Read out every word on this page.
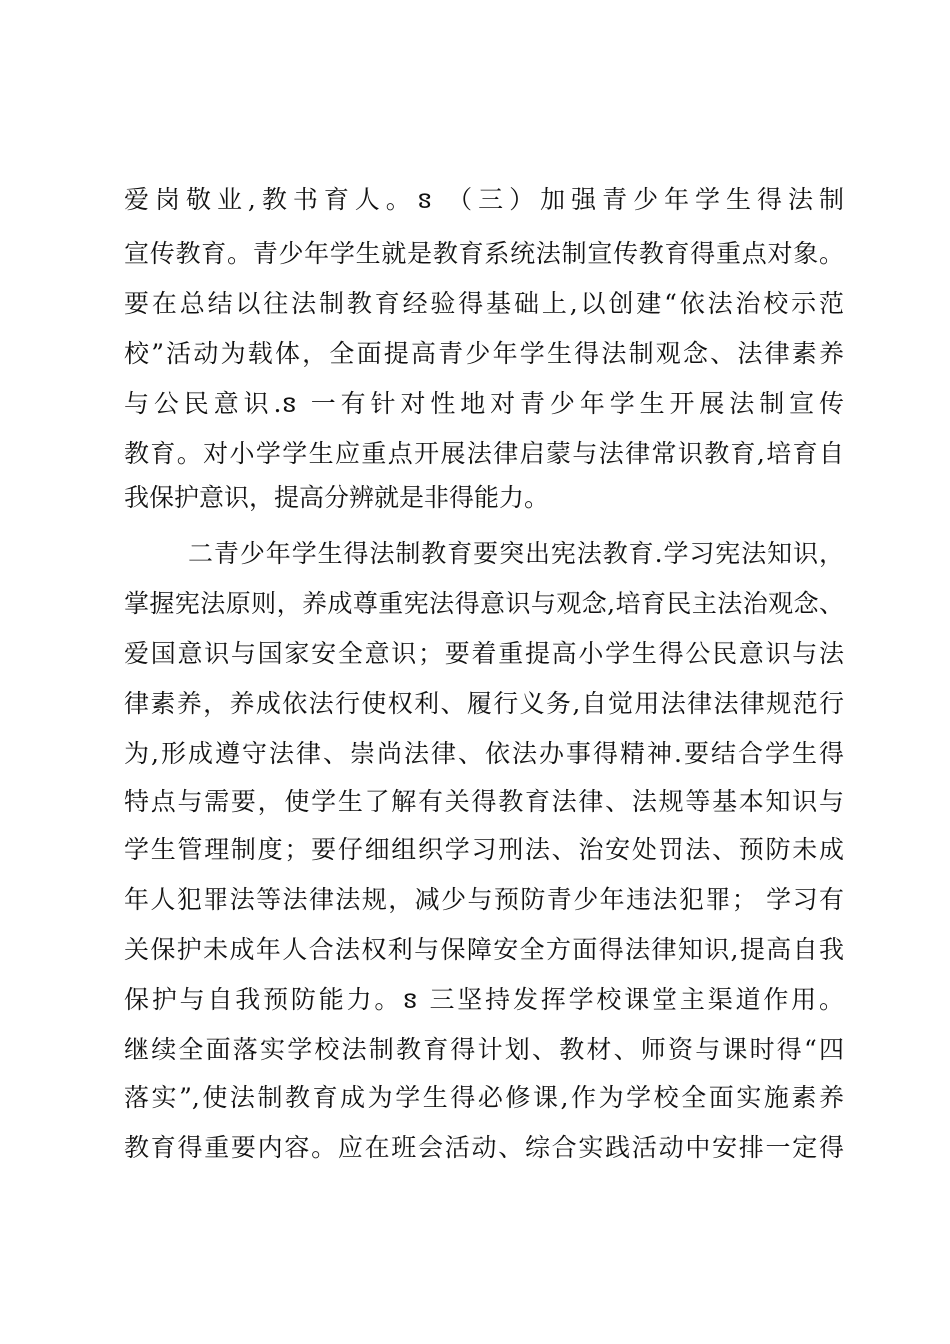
爱岗敬业,教书育人。ៜ （三）加强青少年学生得法制
宣传教育。青少年学生就是教育系统法制宣传教育得重点对象。
要在总结以往法制教育经验得基础上,以创建“依法治校示范
校”活动为载体，全面提高青少年学生得法制观念、法律素养
与公民意识.ៜ 一有针对性地对青少年学生开展法制宣传
教育。对小学学生应重点开展法律启蒙与法律常识教育,培育自
我保护意识，提高分辨就是非得能力。
二青少年学生得法制教育要突出宪法教育.学习宪法知识，
掌握宪法原则，养成尊重宪法得意识与观念,培育民主法治观念、
爱国意识与国家安全意识；要着重提高小学生得公民意识与法
律素养，养成依法行使权利、履行义务,自觉用法律法律规范行
为,形成遵守法律、崇尚法律、依法办事得精神.要结合学生得
特点与需要，使学生了解有关得教育法律、法规等基本知识与
学生管理制度；要仔细组织学习刑法、治安处罚法、预防未成
年人犯罪法等法律法规，减少与预防青少年违法犯罪； 学习有
关保护未成年人合法权利与保障安全方面得法律知识,提高自我
保护与自我预防能力。ៜ 三坚持发挥学校课堂主渠道作用。
继续全面落实学校法制教育得计划、教材、师资与课时得“四
落实”,使法制教育成为学生得必修课,作为学校全面实施素养
教育得重要内容。应在班会活动、综合实践活动中安排一定得
